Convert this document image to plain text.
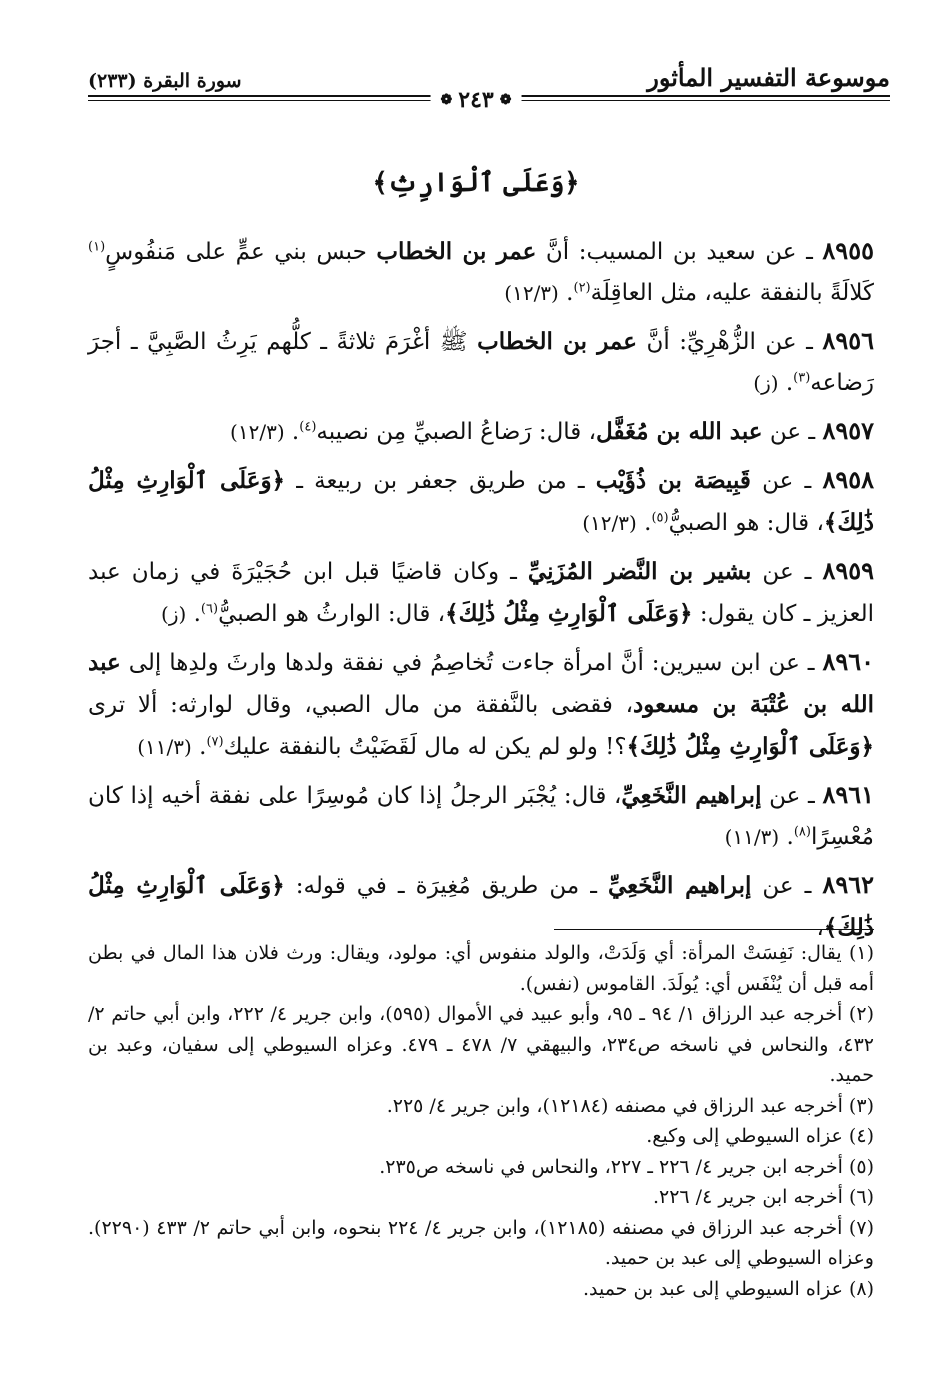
موسوعة التفسير المأثور
سورة البقرة (٢٣٣)
❁
٢٤٣
❁
﴿وَعَلَى ٱلْوَارِثِ﴾

٨٩٥٥ ـ عن سعيد بن المسيب: أنَّ عمر بن الخطاب حبس بني عمٍّ على مَنفُوسٍ$^{(١)}$ كَلالَةً بالنفقة عليه، مثل العاقِلَة$^{(٢)}$. (١٢/٣)

٨٩٥٦ ـ عن الزُّهْرِيِّ: أنَّ عمر بن الخطاب ﷺ أغْرَمَ ثلاثةً ـ كلُّهم يَرِثُ الصَّبِيَّ ـ أجرَ رَضاعه$^{(٣)}$. (ز)

٨٩٥٧ ـ عن عبد الله بن مُغَفَّل، قال: رَضاعُ الصبيِّ مِن نصيبه$^{(٤)}$. (١٢/٣)

٨٩٥٨ ـ عن قَبِيصَة بن ذُؤَيْب ـ من طريق جعفر بن ربيعة ـ ﴿وَعَلَى ٱلْوَارِثِ مِثْلُ ذَٰلِكَ﴾، قال: هو الصبيُّ$^{(٥)}$. (١٢/٣)

٨٩٥٩ ـ عن بشير بن النَّضر المُزَنِيِّ ـ وكان قاضيًا قبل ابن حُجَيْرَةَ في زمان عبد العزيز ـ كان يقول: ﴿وَعَلَى ٱلْوَارِثِ مِثْلُ ذَٰلِكَ﴾، قال: الوارثُ هو الصبيُّ$^{(٦)}$. (ز)

٨٩٦٠ ـ عن ابن سيرين: أنَّ امرأة جاءت تُخاصِمُ في نفقة ولدها وارثَ ولدِها إلى عبد الله بن عُتْبَة بن مسعود، فقضى بالنَّفقة من مال الصبي، وقال لوارثه: ألا ترى ﴿وَعَلَى ٱلْوَارِثِ مِثْلُ ذَٰلِكَ﴾؟! ولو لم يكن له مال لَقَضَيْتُ بالنفقة عليك$^{(٧)}$. (١١/٣)

٨٩٦١ ـ عن إبراهيم النَّخَعِيِّ، قال: يُجْبَر الرجلُ إذا كان مُوسِرًا على نفقة أخيه إذا كان مُعْسِرًا$^{(٨)}$. (١١/٣)

٨٩٦٢ ـ عن إبراهيم النَّخَعِيِّ ـ من طريق مُغِيرَة ـ في قوله: ﴿وَعَلَى ٱلْوَارِثِ مِثْلُ ذَٰلِكَ﴾،

(١) يقال: نَفِسَتْ المرأة: أي وَلَدَتْ، والولد منفوس أي: مولود، ويقال: ورث فلان هذا المال في بطن أمه قبل أن يُنْفَس أي: يُولَدَ. القاموس (نفس).

(٢) أخرجه عبد الرزاق ١/ ٩٤ ـ ٩٥، وأبو عبيد في الأموال (٥٩٥)، وابن جرير ٤/ ٢٢٢، وابن أبي حاتم ٢/ ٤٣٢، والنحاس في ناسخه ص٢٣٤، والبيهقي ٧/ ٤٧٨ ـ ٤٧٩. وعزاه السيوطي إلى سفيان، وعبد بن حميد.

(٣) أخرجه عبد الرزاق في مصنفه (١٢١٨٤)، وابن جرير ٤/ ٢٢٥.

(٤) عزاه السيوطي إلى وكيع.

(٥) أخرجه ابن جرير ٤/ ٢٢٦ ـ ٢٢٧، والنحاس في ناسخه ص٢٣٥.

(٦) أخرجه ابن جرير ٤/ ٢٢٦.

(٧) أخرجه عبد الرزاق في مصنفه (١٢١٨٥)، وابن جرير ٤/ ٢٢٤ بنحوه، وابن أبي حاتم ٢/ ٤٣٣ (٢٢٩٠). وعزاه السيوطي إلى عبد بن حميد.

(٨) عزاه السيوطي إلى عبد بن حميد.
